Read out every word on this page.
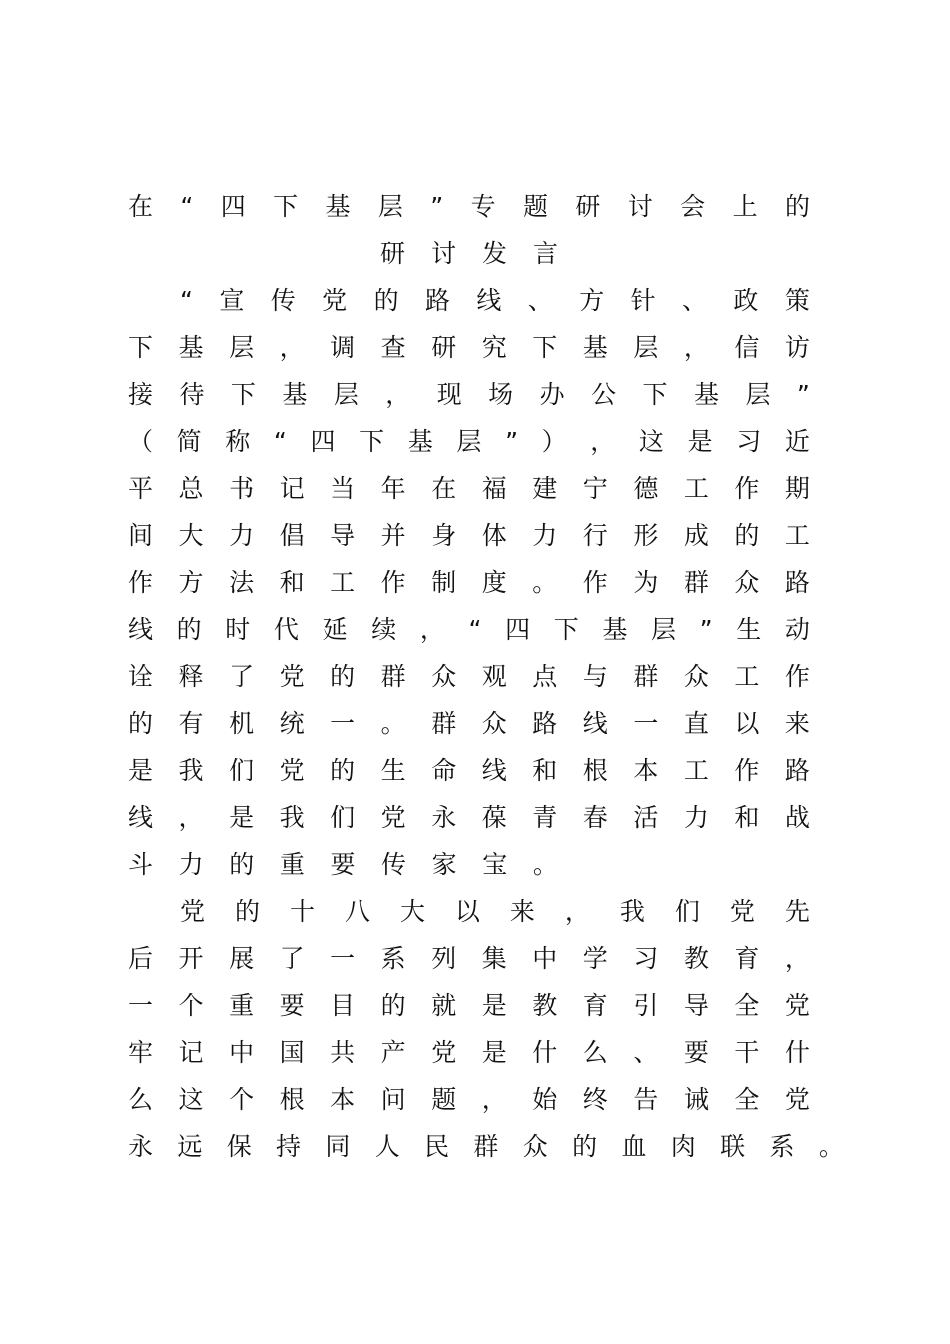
在 “ 四 下 基 层 ” 专 题 研 讨 会 上 的
研 讨 发 言
“ 宣 传 党 的 路 线 、 方 针 、 政 策
下 基 层 ， 调 查 研 究 下 基 层 ， 信 访
接 待 下 基 层 ， 现 场 办 公 下 基 层 ”
（ 简 称 “ 四 下 基 层 ” ） ， 这 是 习 近
平 总 书 记 当 年 在 福 建 宁 德 工 作 期
间 大 力 倡 导 并 身 体 力 行 形 成 的 工
作 方 法 和 工 作 制 度 。 作 为 群 众 路
线 的 时 代 延 续 ， “ 四 下 基 层 ” 生 动
诠 释 了 党 的 群 众 观 点 与 群 众 工 作
的 有 机 统 一 。 群 众 路 线 一 直 以 来
是 我 们 党 的 生 命 线 和 根 本 工 作 路
线 ， 是 我 们 党 永 葆 青 春 活 力 和 战
斗 力 的 重 要 传 家 宝 。
党 的 十 八 大 以 来 ， 我 们 党 先
后 开 展 了 一 系 列 集 中 学 习 教 育 ，
一 个 重 要 目 的 就 是 教 育 引 导 全 党
牢 记 中 国 共 产 党 是 什 么 、 要 干 什
么 这 个 根 本 问 题 ， 始 终 告 诫 全 党
永 远 保 持 同 人 民 群 众 的 血 肉 联 系 。
